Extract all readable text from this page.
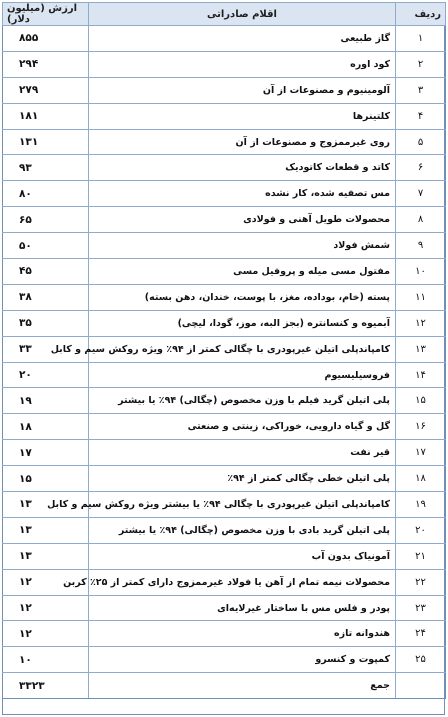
ردیف	اقلام صادراتی	ارزش (میلیون دلار)
۱	گاز طبیعی	۸۵۵
۲	کود اوره	۲۹۴
۳	آلومینیوم و مصنوعات از آن	۲۷۹
۴	کلتینرها	۱۸۱
۵	روی غیرممزوج و مصنوعات از آن	۱۳۱
۶	کاتد و قطعات کاتودیک	۹۳
۷	مس تصفیه شده، کار نشده	۸۰
۸	محصولات طویل آهنی و فولادی	۶۵
۹	شمش فولاد	۵۰
۱۰	مفتول مسی میله و پروفیل مسی	۴۵
۱۱	پسته (خام، بوداده، مغز، با پوست، خندان، دهن بسته)	۳۸
۱۲	آبمیوه و کنسانتره (بجز البه، موز، گودا، لیچی)	۳۵
۱۳	کامپاندپلی اتیلن غیرپودری با چگالی کمتر از ۹۴٪ ویژه روکش سیم و کابل	۳۳
۱۴	فروسیلیسیوم	۲۰
۱۵	پلی اتیلن گرید فیلم با وزن مخصوص (چگالی) ۹۴٪ یا بیشتر	۱۹
۱۶	گل و گیاه دارویی، خوراکی، زینتی و صنعتی	۱۸
۱۷	قیر نفت	۱۷
۱۸	پلی اتیلن خطی چگالی کمتر از ۹۴٪	۱۵
۱۹	کامپاندپلی اتیلن غیرپودری با چگالی ۹۴٪ یا بیشتر ویژه روکش سیم و کابل	۱۳
۲۰	پلی اتیلن گرید بادی با وزن مخصوص (چگالی) ۹۴٪ یا بیشتر	۱۳
۲۱	آمونیاک بدون آب	۱۳
۲۲	محصولات نیمه تمام از آهن یا فولاد غیرممزوج دارای کمتر از ۲۵٪ کربن	۱۲
۲۳	پودر و فلس مس با ساختار غیرلایه‌ای	۱۲
۲۴	هندوانه تازه	۱۲
۲۵	کمپوت و کنسرو	۱۰
	جمع	۳۳۲۳
